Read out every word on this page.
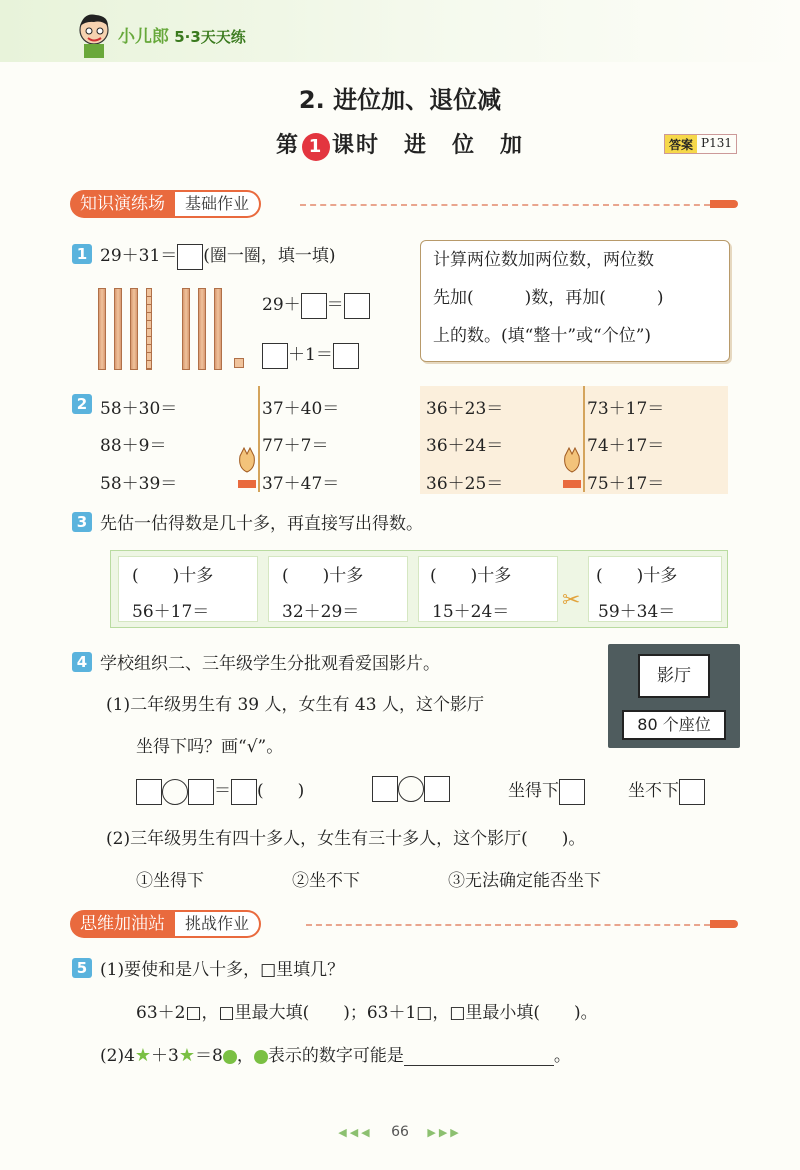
小儿郎 5·3天天练
2. 进位加、退位减
第 1 课时　进　位　加	答案 P131
知识演练场	基础作业
1 29＋31＝ (圈一圈，填一填)
29＋ ＝
＋1＝
计算两位数加两位数，两位数
先加(　　　)数，再加(　　　)
上的数。(填“整十”或“个位”)
2 58＋30＝
88＋9＝
58＋39＝
37＋40＝
77＋7＝
37＋47＝
36＋23＝
36＋24＝
36＋25＝
73＋17＝
74＋17＝
75＋17＝
3 先估一估得数是几十多，再直接写出得数。
✂
(　　)十多	(　　)十多	(　　)十多	(　　)十多
56＋17＝	32＋29＝	15＋24＝	59＋34＝
4 学校组织二、三年级学生分批观看爱国影片。
影厅
80 个座位
(1)二年级男生有 39 人，女生有 43 人，这个影厅
坐得下吗？画“√”。
＝ (　　)	坐得下	坐不下
(2)三年级男生有四十多人，女生有三十多人，这个影厅(　　)。
①坐得下	②坐不下	③无法确定能否坐下
思维加油站	挑战作业
5 (1)要使和是八十多，□里填几？
63＋2□，□里最大填(　　)；63＋1□，□里最小填(　　)。
(2)4★＋3★＝8 ， 表示的数字可能是	。
◀◀◀ 66 ▶▶▶
